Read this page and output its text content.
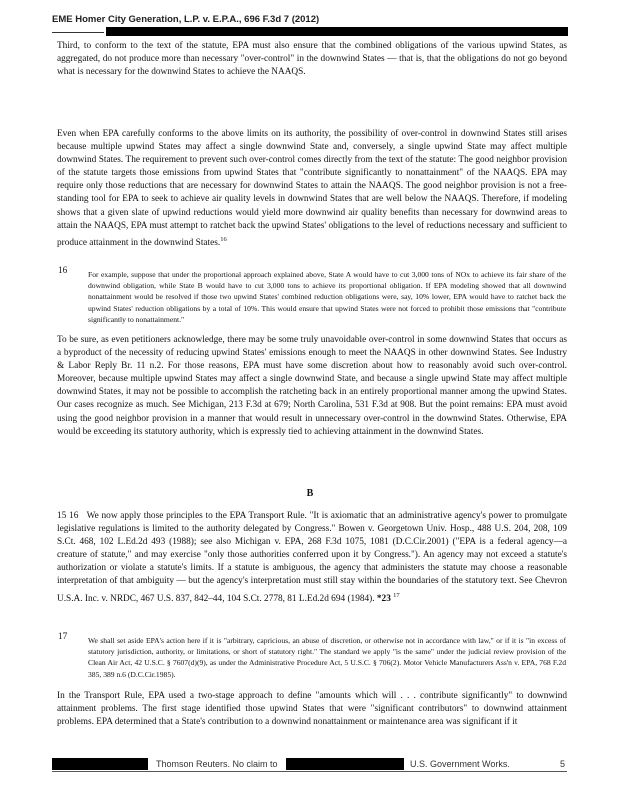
EME Homer City Generation, L.P. v. E.P.A., 696 F.3d 7 (2012)
Third, to conform to the text of the statute, EPA must also ensure that the combined obligations of the various upwind States, as aggregated, do not produce more than necessary "over-control" in the downwind States — that is, that the obligations do not go beyond what is necessary for the downwind States to achieve the NAAQS.
Even when EPA carefully conforms to the above limits on its authority, the possibility of over-control in downwind States still arises because multiple upwind States may affect a single downwind State and, conversely, a single upwind State may affect multiple downwind States. The requirement to prevent such over-control comes directly from the text of the statute: The good neighbor provision of the statute targets those emissions from upwind States that "contribute significantly to nonattainment" of the NAAQS. EPA may require only those reductions that are necessary for downwind States to attain the NAAQS. The good neighbor provision is not a free-standing tool for EPA to seek to achieve air quality levels in downwind States that are well below the NAAQS. Therefore, if modeling shows that a given slate of upwind reductions would yield more downwind air quality benefits than necessary for downwind areas to attain the NAAQS, EPA must attempt to ratchet back the upwind States' obligations to the level of reductions necessary and sufficient to produce attainment in the downwind States.$^{16}$
16	For example, suppose that under the proportional approach explained above, State A would have to cut 3,000 tons of NOx to achieve its fair share of the downwind obligation, while State B would have to cut 3,000 tons to achieve its proportional obligation. If EPA modeling showed that all downwind nonattainment would be resolved if those two upwind States' combined reduction obligations were, say, 10% lower, EPA would have to ratchet back the upwind States' reduction obligations by a total of 10%. This would ensure that upwind States were not forced to prohibit those emissions that "contribute significantly to nonattainment."
To be sure, as even petitioners acknowledge, there may be some truly unavoidable over-control in some downwind States that occurs as a byproduct of the necessity of reducing upwind States' emissions enough to meet the NAAQS in other downwind States. See Industry & Labor Reply Br. 11 n.2. For those reasons, EPA must have some discretion about how to reasonably avoid such over-control. Moreover, because multiple upwind States may affect a single downwind State, and because a single upwind State may affect multiple downwind States, it may not be possible to accomplish the ratcheting back in an entirely proportional manner among the upwind States. Our cases recognize as much. See Michigan, 213 F.3d at 679; North Carolina, 531 F.3d at 908. But the point remains: EPA must avoid using the good neighbor provision in a manner that would result in unnecessary over-control in the downwind States. Otherwise, EPA would be exceeding its statutory authority, which is expressly tied to achieving attainment in the downwind States.
B
15 16 We now apply those principles to the EPA Transport Rule. "It is axiomatic that an administrative agency's power to promulgate legislative regulations is limited to the authority delegated by Congress." Bowen v. Georgetown Univ. Hosp., 488 U.S. 204, 208, 109 S.Ct. 468, 102 L.Ed.2d 493 (1988); see also Michigan v. EPA, 268 F.3d 1075, 1081 (D.C.Cir.2001) ("EPA is a federal agency—a creature of statute," and may exercise "only those authorities conferred upon it by Congress."). An agency may not exceed a statute's authorization or violate a statute's limits. If a statute is ambiguous, the agency that administers the statute may choose a reasonable interpretation of that ambiguity — but the agency's interpretation must still stay within the boundaries of the statutory text. See Chevron U.S.A. Inc. v. NRDC, 467 U.S. 837, 842–44, 104 S.Ct. 2778, 81 L.Ed.2d 694 (1984). *23 $^{17}$
17	We shall set aside EPA's action here if it is "arbitrary, capricious, an abuse of discretion, or otherwise not in accordance with law," or if it is "in excess of statutory jurisdiction, authority, or limitations, or short of statutory right." The standard we apply "is the same" under the judicial review provision of the Clean Air Act, 42 U.S.C. § 7607(d)(9), as under the Administrative Procedure Act, 5 U.S.C. § 706(2). Motor Vehicle Manufacturers Ass'n v. EPA, 768 F.2d 385, 389 n.6 (D.C.Cir.1985).
In the Transport Rule, EPA used a two-stage approach to define "amounts which will . . . contribute significantly" to downwind attainment problems. The first stage identified those upwind States that were "significant contributors" to downwind attainment problems. EPA determined that a State's contribution to a downwind nonattainment or maintenance area was significant if it
Thomson Reuters. No claim to	U.S. Government Works.	5
